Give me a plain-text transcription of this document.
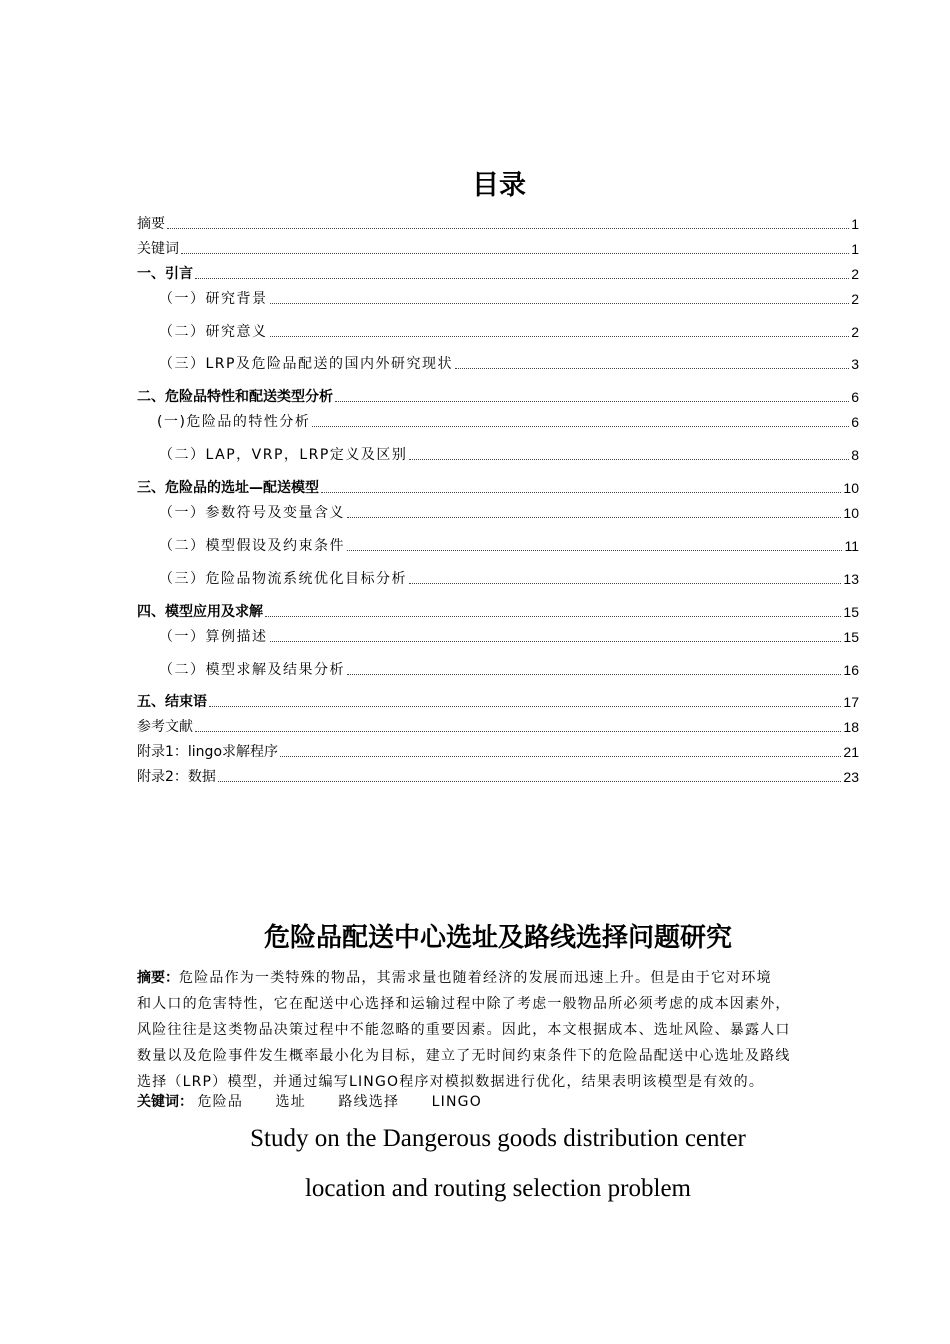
目录
摘要	1
关键词	1
一、引言	2
（一）研究背景	2
（二）研究意义	2
（三）LRP及危险品配送的国内外研究现状	3
二、危险品特性和配送类型分析	6
(一)危险品的特性分析	6
（二）LAP，VRP，LRP定义及区别	8
三、危险品的选址—配送模型	10
（一）参数符号及变量含义	10
（二）模型假设及约束条件	11
（三）危险品物流系统优化目标分析	13
四、模型应用及求解	15
（一）算例描述	15
（二）模型求解及结果分析	16
五、结束语	17
参考文献	18
附录1：lingo求解程序	21
附录2：数据	23
危险品配送中心选址及路线选择问题研究
摘要：危险品作为一类特殊的物品，其需求量也随着经济的发展而迅速上升。但是由于它对环境
和人口的危害特性，它在配送中心选择和运输过程中除了考虑一般物品所必须考虑的成本因素外，
风险往往是这类物品决策过程中不能忽略的重要因素。因此，本文根据成本、选址风险、暴露人口
数量以及危险事件发生概率最小化为目标，建立了无时间约束条件下的危险品配送中心选址及路线
选择（LRP）模型，并通过编写LINGO程序对模拟数据进行优化，结果表明该模型是有效的。
关键词： 危险品 选址 路线选择 LINGO
Study on the Dangerous goods distribution center
location and routing selection problem
